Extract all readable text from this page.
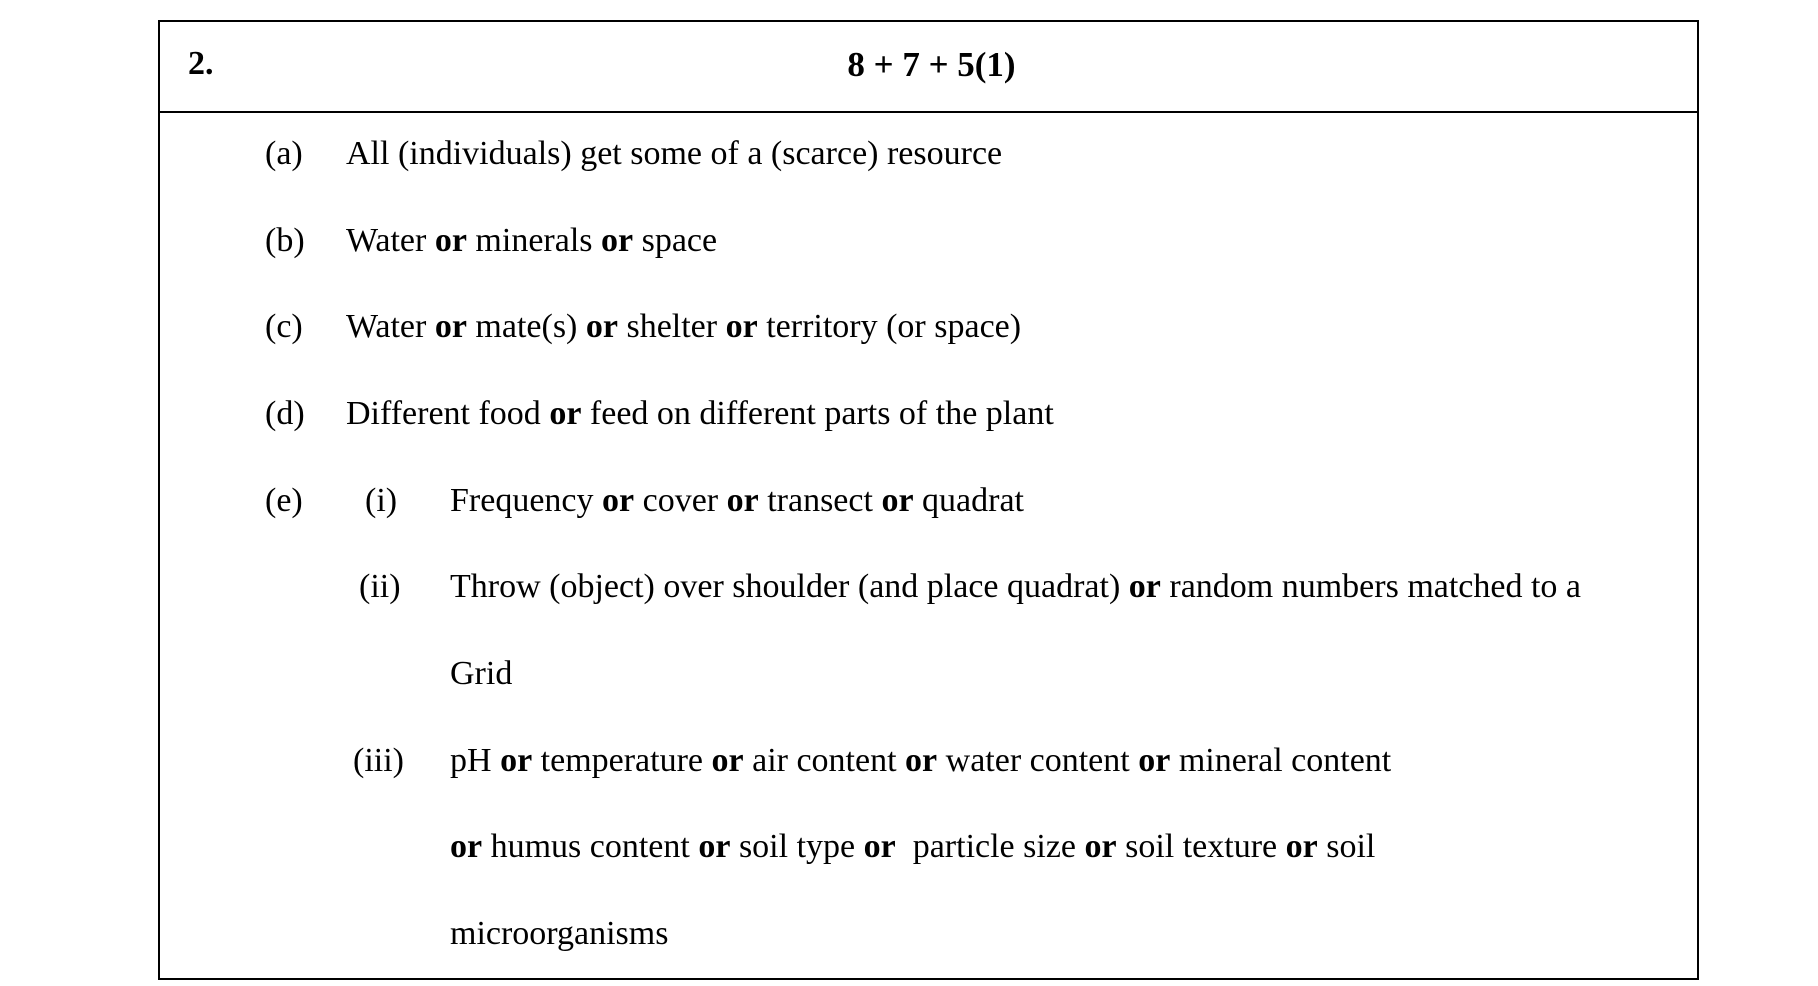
2.	8 + 7 + 5(1)
(a) All (individuals) get some of a (scarce) resource
(b) Water or minerals or space
(c) Water or mate(s) or shelter or territory (or space)
(d) Different food or feed on different parts of the plant
(e) (i) Frequency or cover or transect or quadrat
(ii) Throw (object) over shoulder (and place quadrat) or random numbers matched to a
Grid
(iii) pH or temperature or air content or water content or mineral content
or humus content or soil type or  particle size or soil texture or soil
microorganisms
